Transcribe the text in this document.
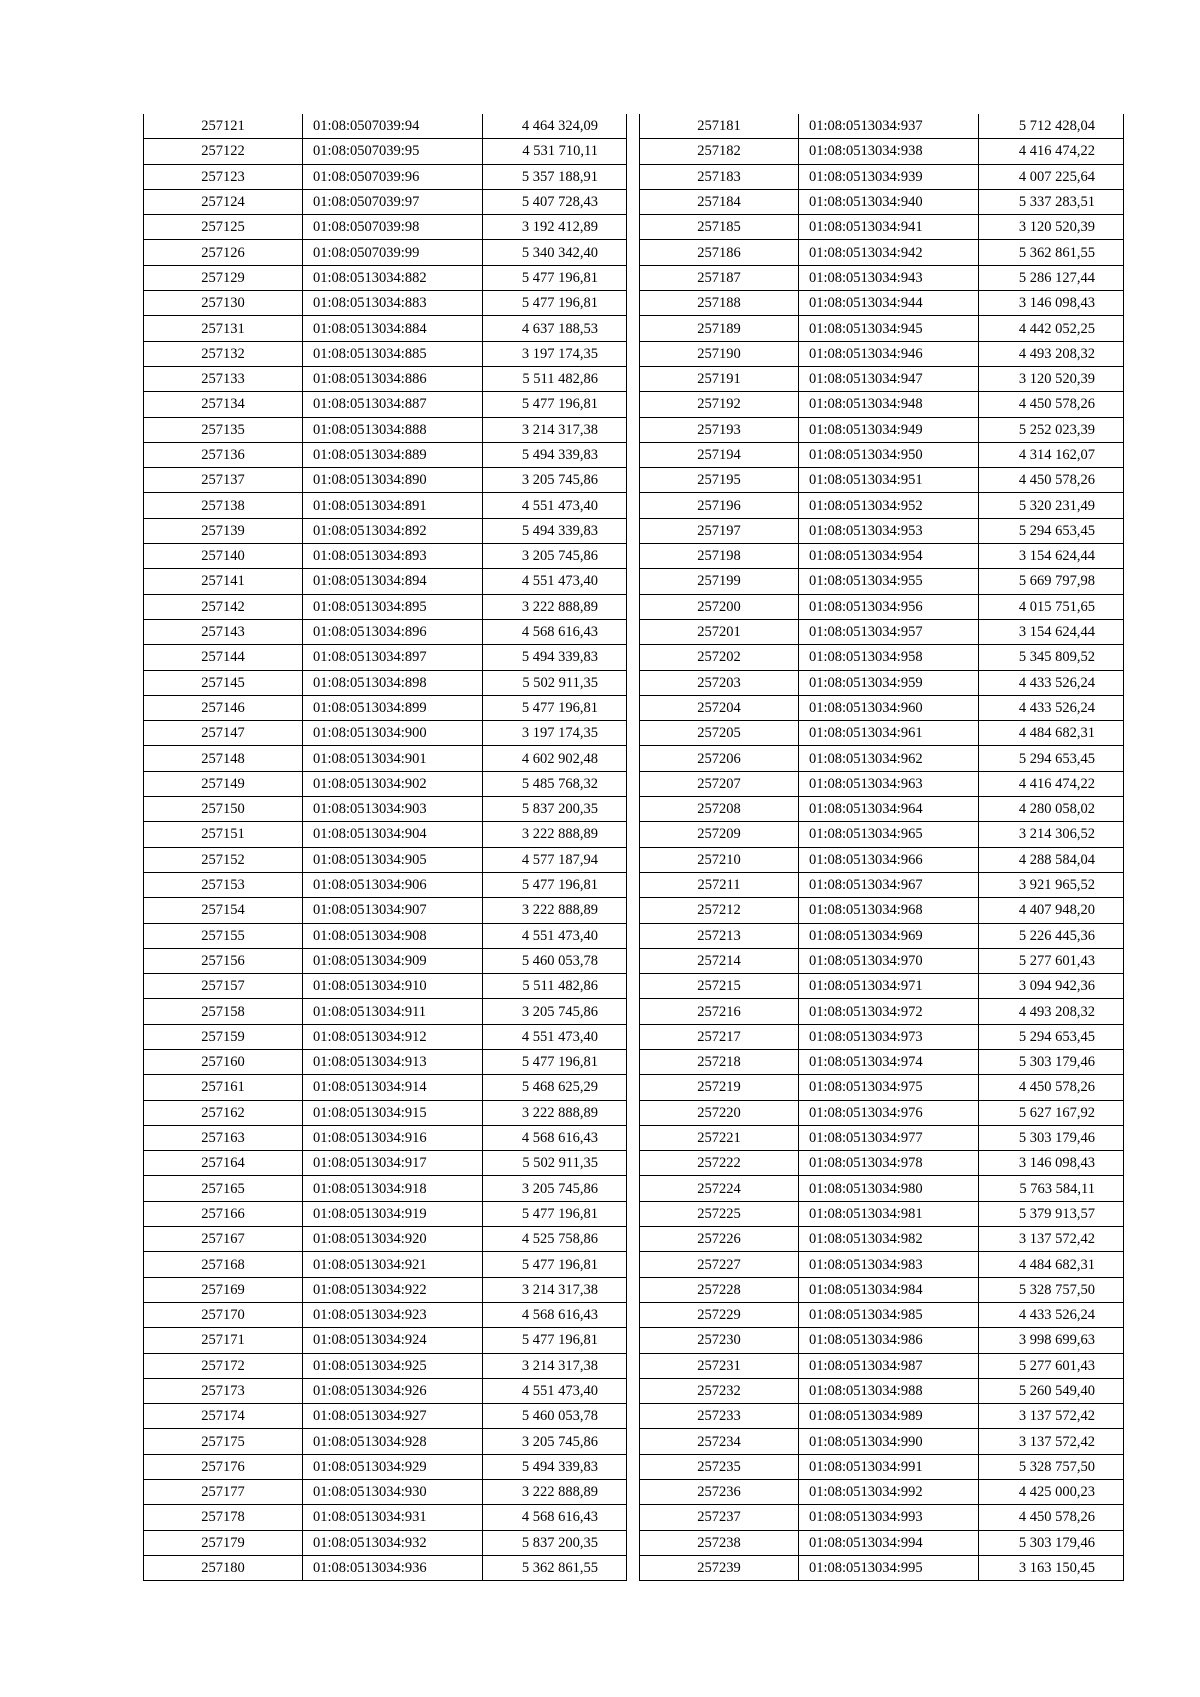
257121	01:08:0507039:94	4 464 324,09
257122	01:08:0507039:95	4 531 710,11
257123	01:08:0507039:96	5 357 188,91
257124	01:08:0507039:97	5 407 728,43
257125	01:08:0507039:98	3 192 412,89
257126	01:08:0507039:99	5 340 342,40
257129	01:08:0513034:882	5 477 196,81
257130	01:08:0513034:883	5 477 196,81
257131	01:08:0513034:884	4 637 188,53
257132	01:08:0513034:885	3 197 174,35
257133	01:08:0513034:886	5 511 482,86
257134	01:08:0513034:887	5 477 196,81
257135	01:08:0513034:888	3 214 317,38
257136	01:08:0513034:889	5 494 339,83
257137	01:08:0513034:890	3 205 745,86
257138	01:08:0513034:891	4 551 473,40
257139	01:08:0513034:892	5 494 339,83
257140	01:08:0513034:893	3 205 745,86
257141	01:08:0513034:894	4 551 473,40
257142	01:08:0513034:895	3 222 888,89
257143	01:08:0513034:896	4 568 616,43
257144	01:08:0513034:897	5 494 339,83
257145	01:08:0513034:898	5 502 911,35
257146	01:08:0513034:899	5 477 196,81
257147	01:08:0513034:900	3 197 174,35
257148	01:08:0513034:901	4 602 902,48
257149	01:08:0513034:902	5 485 768,32
257150	01:08:0513034:903	5 837 200,35
257151	01:08:0513034:904	3 222 888,89
257152	01:08:0513034:905	4 577 187,94
257153	01:08:0513034:906	5 477 196,81
257154	01:08:0513034:907	3 222 888,89
257155	01:08:0513034:908	4 551 473,40
257156	01:08:0513034:909	5 460 053,78
257157	01:08:0513034:910	5 511 482,86
257158	01:08:0513034:911	3 205 745,86
257159	01:08:0513034:912	4 551 473,40
257160	01:08:0513034:913	5 477 196,81
257161	01:08:0513034:914	5 468 625,29
257162	01:08:0513034:915	3 222 888,89
257163	01:08:0513034:916	4 568 616,43
257164	01:08:0513034:917	5 502 911,35
257165	01:08:0513034:918	3 205 745,86
257166	01:08:0513034:919	5 477 196,81
257167	01:08:0513034:920	4 525 758,86
257168	01:08:0513034:921	5 477 196,81
257169	01:08:0513034:922	3 214 317,38
257170	01:08:0513034:923	4 568 616,43
257171	01:08:0513034:924	5 477 196,81
257172	01:08:0513034:925	3 214 317,38
257173	01:08:0513034:926	4 551 473,40
257174	01:08:0513034:927	5 460 053,78
257175	01:08:0513034:928	3 205 745,86
257176	01:08:0513034:929	5 494 339,83
257177	01:08:0513034:930	3 222 888,89
257178	01:08:0513034:931	4 568 616,43
257179	01:08:0513034:932	5 837 200,35
257180	01:08:0513034:936	5 362 861,55
257181	01:08:0513034:937	5 712 428,04
257182	01:08:0513034:938	4 416 474,22
257183	01:08:0513034:939	4 007 225,64
257184	01:08:0513034:940	5 337 283,51
257185	01:08:0513034:941	3 120 520,39
257186	01:08:0513034:942	5 362 861,55
257187	01:08:0513034:943	5 286 127,44
257188	01:08:0513034:944	3 146 098,43
257189	01:08:0513034:945	4 442 052,25
257190	01:08:0513034:946	4 493 208,32
257191	01:08:0513034:947	3 120 520,39
257192	01:08:0513034:948	4 450 578,26
257193	01:08:0513034:949	5 252 023,39
257194	01:08:0513034:950	4 314 162,07
257195	01:08:0513034:951	4 450 578,26
257196	01:08:0513034:952	5 320 231,49
257197	01:08:0513034:953	5 294 653,45
257198	01:08:0513034:954	3 154 624,44
257199	01:08:0513034:955	5 669 797,98
257200	01:08:0513034:956	4 015 751,65
257201	01:08:0513034:957	3 154 624,44
257202	01:08:0513034:958	5 345 809,52
257203	01:08:0513034:959	4 433 526,24
257204	01:08:0513034:960	4 433 526,24
257205	01:08:0513034:961	4 484 682,31
257206	01:08:0513034:962	5 294 653,45
257207	01:08:0513034:963	4 416 474,22
257208	01:08:0513034:964	4 280 058,02
257209	01:08:0513034:965	3 214 306,52
257210	01:08:0513034:966	4 288 584,04
257211	01:08:0513034:967	3 921 965,52
257212	01:08:0513034:968	4 407 948,20
257213	01:08:0513034:969	5 226 445,36
257214	01:08:0513034:970	5 277 601,43
257215	01:08:0513034:971	3 094 942,36
257216	01:08:0513034:972	4 493 208,32
257217	01:08:0513034:973	5 294 653,45
257218	01:08:0513034:974	5 303 179,46
257219	01:08:0513034:975	4 450 578,26
257220	01:08:0513034:976	5 627 167,92
257221	01:08:0513034:977	5 303 179,46
257222	01:08:0513034:978	3 146 098,43
257224	01:08:0513034:980	5 763 584,11
257225	01:08:0513034:981	5 379 913,57
257226	01:08:0513034:982	3 137 572,42
257227	01:08:0513034:983	4 484 682,31
257228	01:08:0513034:984	5 328 757,50
257229	01:08:0513034:985	4 433 526,24
257230	01:08:0513034:986	3 998 699,63
257231	01:08:0513034:987	5 277 601,43
257232	01:08:0513034:988	5 260 549,40
257233	01:08:0513034:989	3 137 572,42
257234	01:08:0513034:990	3 137 572,42
257235	01:08:0513034:991	5 328 757,50
257236	01:08:0513034:992	4 425 000,23
257237	01:08:0513034:993	4 450 578,26
257238	01:08:0513034:994	5 303 179,46
257239	01:08:0513034:995	3 163 150,45
